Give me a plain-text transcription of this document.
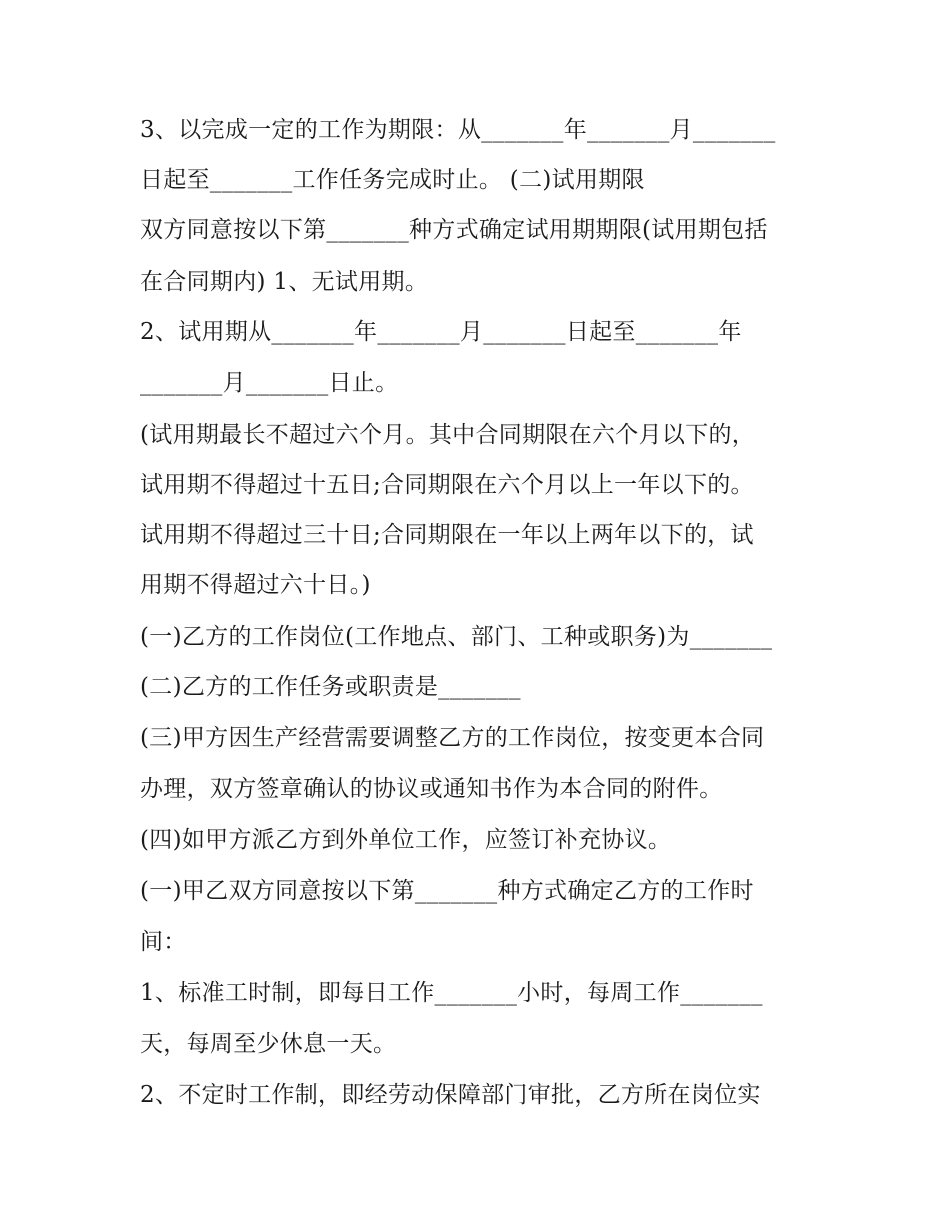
3、以完成一定的工作为期限：从_______年_______月_______
日起至_______工作任务完成时止。 (二)试用期限
双方同意按以下第_______种方式确定试用期期限(试用期包括
在合同期内) 1、无试用期。
2、试用期从_______年_______月_______日起至_______年
_______月_______日止。
(试用期最长不超过六个月。其中合同期限在六个月以下的，
试用期不得超过十五日;合同期限在六个月以上一年以下的。
试用期不得超过三十日;合同期限在一年以上两年以下的，试
用期不得超过六十日。)
(一)乙方的工作岗位(工作地点、部门、工种或职务)为_______
(二)乙方的工作任务或职责是_______
(三)甲方因生产经营需要调整乙方的工作岗位，按变更本合同
办理，双方签章确认的协议或通知书作为本合同的附件。
(四)如甲方派乙方到外单位工作，应签订补充协议。
(一)甲乙双方同意按以下第_______种方式确定乙方的工作时
间：
1、标准工时制，即每日工作_______小时，每周工作_______
天，每周至少休息一天。
2、不定时工作制，即经劳动保障部门审批，乙方所在岗位实
